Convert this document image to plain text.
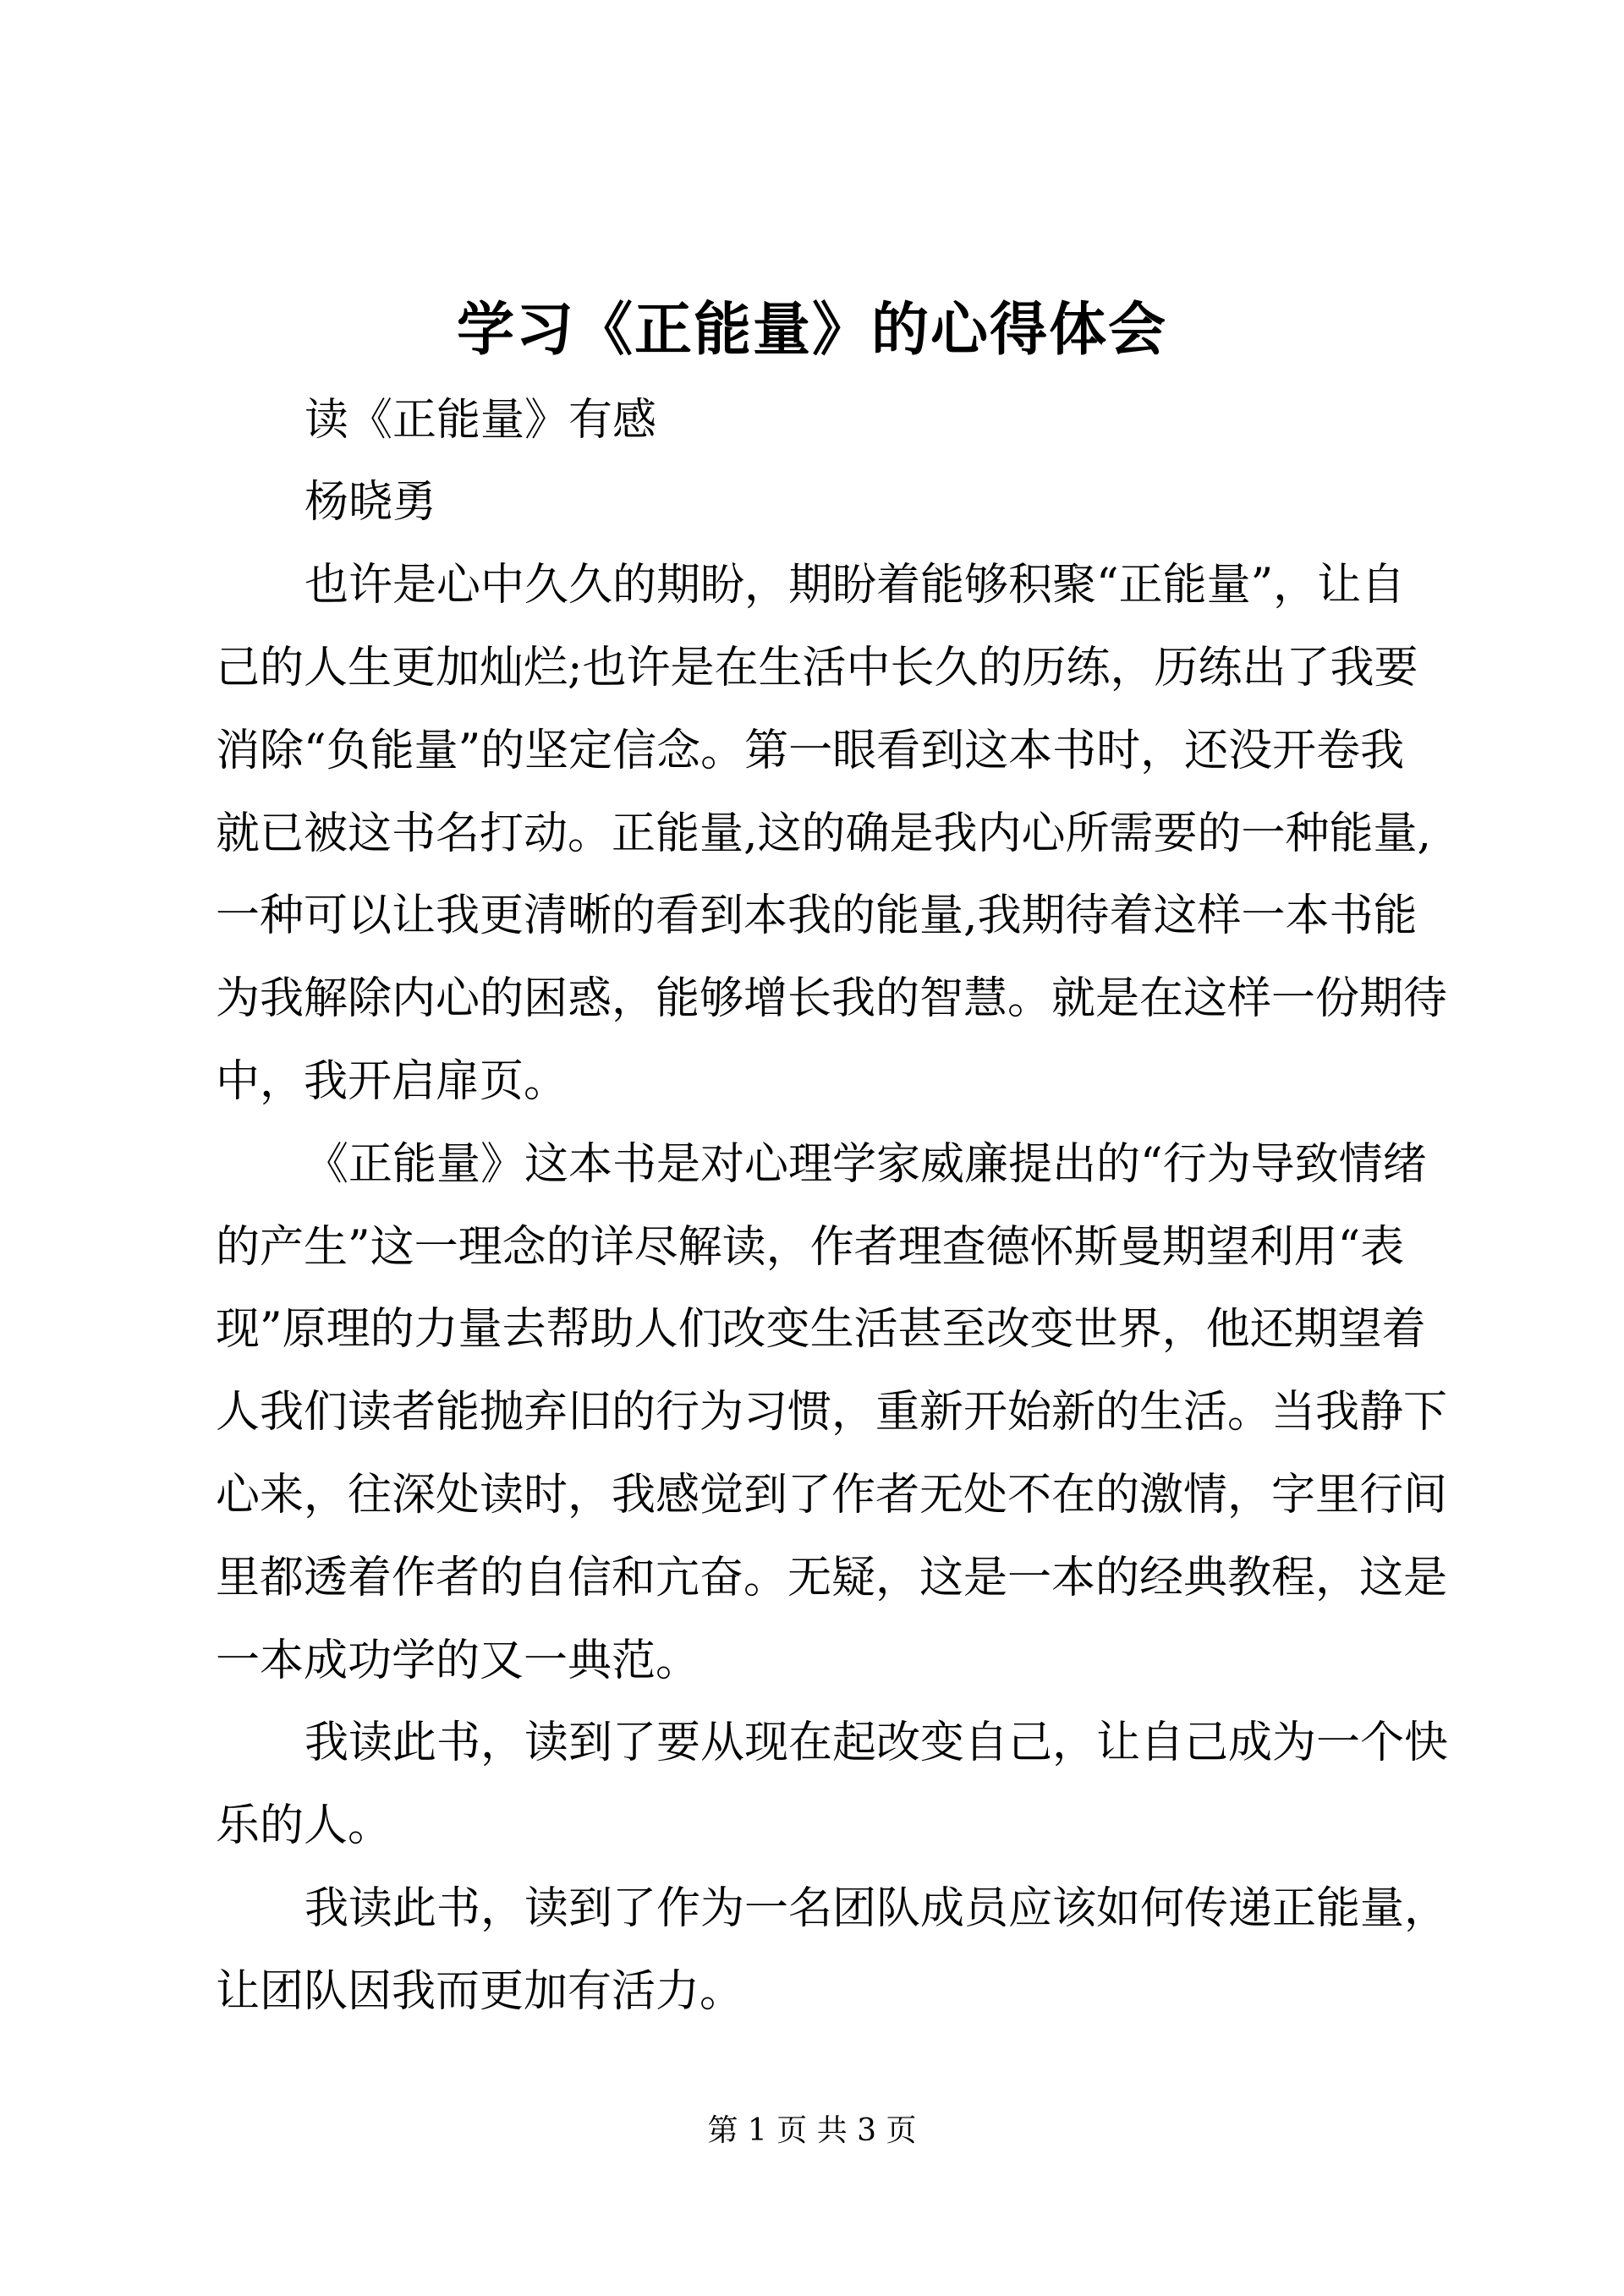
学习《正能量》的心得体会
读《正能量》有感
杨晓勇
也许是心中久久的期盼，期盼着能够积聚“正能量”，让自
己的人生更加灿烂;也许是在生活中长久的历练，历练出了我要
消除“负能量”的坚定信念。第一眼看到这本书时，还没开卷我
就已被这书名打动。正能量,这的确是我内心所需要的一种能量,
一种可以让我更清晰的看到本我的能量,我期待着这样一本书能
为我解除内心的困惑，能够增长我的智慧。就是在这样一份期待
中，我开启扉页。
《正能量》这本书是对心理学家威廉提出的“行为导致情绪
的产生”这一理念的详尽解读，作者理查德怀斯曼期望利用“表
现”原理的力量去帮助人们改变生活甚至改变世界，他还期望着
人我们读者能抛弃旧的行为习惯，重新开始新的生活。当我静下
心来，往深处读时，我感觉到了作者无处不在的激情，字里行间
里都透着作者的自信和亢奋。无疑，这是一本的经典教程，这是
一本成功学的又一典范。
我读此书，读到了要从现在起改变自己，让自己成为一个快
乐的人。
我读此书，读到了作为一名团队成员应该如何传递正能量，
让团队因我而更加有活力。
第 1 页 共 3 页
